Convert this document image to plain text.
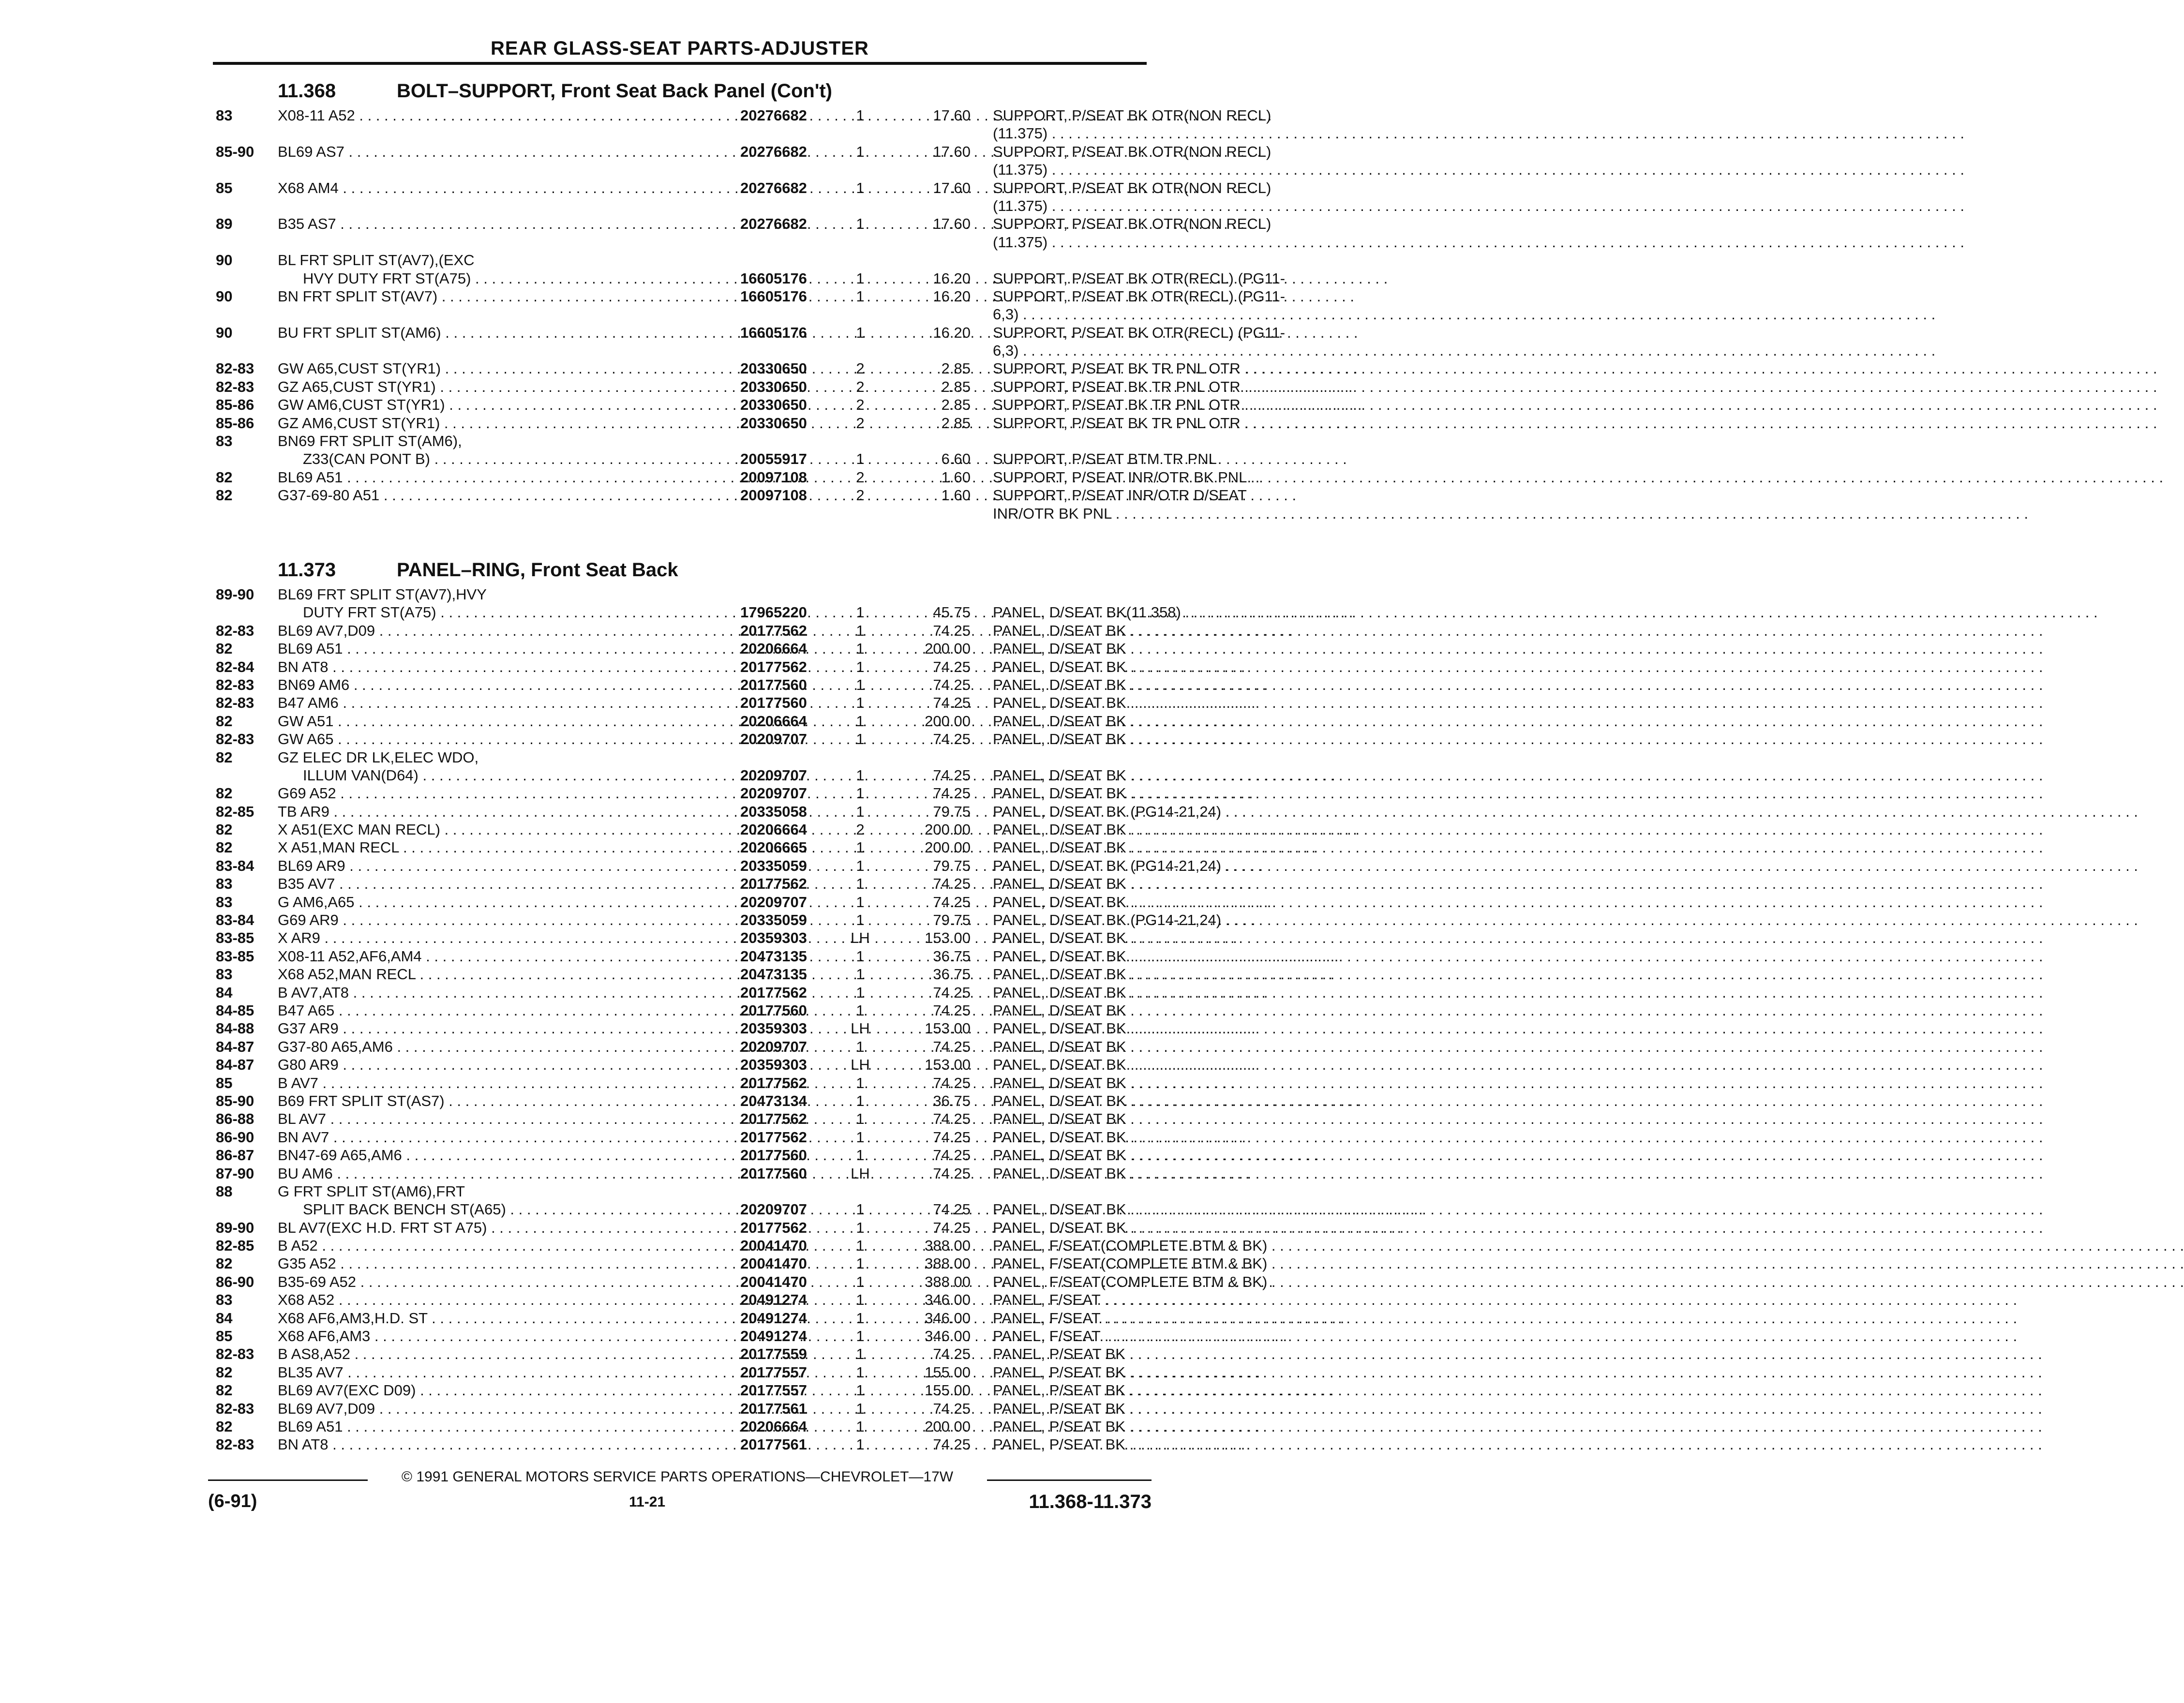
REAR GLASS-SEAT PARTS-ADJUSTER
11.368	BOLT–SUPPORT, Front Seat Back Panel (Con't)
83	X08-11 A52 . . .	20276682	1	17.60 SUPPORT, P/SEAT BK OTR(NON RECL)
(11.375) . . .
85-90	BL69 AS7 . . .	20276682	1	17.60 SUPPORT, P/SEAT BK OTR(NON RECL)
(11.375) . . .
85	X68 AM4 . . .	20276682	1	17.60 SUPPORT, P/SEAT BK OTR(NON RECL)
(11.375) . . .
89	B35 AS7 . . .	20276682	1	17.60 SUPPORT, P/SEAT BK OTR(NON RECL)
(11.375) . . .
90	BL FRT SPLIT ST(AV7),(EXC
HVY DUTY FRT ST(A75) . . .	16605176	1	16.20 SUPPORT, P/SEAT BK OTR(RECL) (PG11-
90	BN FRT SPLIT ST(AV7) . . .	16605176	1	16.20 SUPPORT, P/SEAT BK OTR(RECL) (PG11-
6,3) . . .
90	BU FRT SPLIT ST(AM6) . . .	16605176	1	16.20 SUPPORT, P/SEAT BK OTR(RECL) (PG11-
6,3) . . .
82-83	GW A65,CUST ST(YR1) . . .	20330650	2	2.85 SUPPORT, P/SEAT BK TR PNL OTR . . .
82-83	GZ A65,CUST ST(YR1) . . .	20330650	2	2.85 SUPPORT, P/SEAT BK TR PNL OTR . . .
85-86	GW AM6,CUST ST(YR1) . . .	20330650	2	2.85 SUPPORT, P/SEAT BK TR PNL OTR . . .
85-86	GZ AM6,CUST ST(YR1) . . .	20330650	2	2.85 SUPPORT, P/SEAT BK TR PNL OTR . . .
83	BN69 FRT SPLIT ST(AM6),
Z33(CAN PONT B) . . .	20055917	1	6.60 SUPPORT, P/SEAT BTM TR PNL
82	BL69 A51 . . .	20097108	2	1.60 SUPPORT, P/SEAT INR/OTR BK PNL . . .
82	G37-69-80 A51 . . .	20097108	2	1.60 SUPPORT, P/SEAT INR/OTR D/SEAT
INR/OTR BK PNL . . .
11.373	PANEL–RING, Front Seat Back
89-90	BL69 FRT SPLIT ST(AV7),HVY
DUTY FRT ST(A75) . . .	17965220	1	45.75 PANEL, D/SEAT BK(11.358) . . .
82-83	BL69 AV7,D09 . . .	20177562	1	74.25 PANEL, D/SEAT BK . . .
82	BL69 A51 . . .	20206664	1	200.00 PANEL, D/SEAT BK . . .
82-84	BN AT8 . . .	20177562	1	74.25 PANEL, D/SEAT BK . . .
82-83	BN69 AM6 . . .	20177560	1	74.25 PANEL, D/SEAT BK . . .
82-83	B47 AM6 . . .	20177560	1	74.25 PANEL, D/SEAT BK . . .
82	GW A51 . . .	20206664	1	200.00 PANEL, D/SEAT BK . . .
82-83	GW A65 . . .	20209707	1	74.25 PANEL, D/SEAT BK . . .
82	GZ ELEC DR LK,ELEC WDO,
ILLUM VAN(D64) . . .	20209707	1	74.25 PANEL, D/SEAT BK . . .
82	G69 A52 . . .	20209707	1	74.25 PANEL, D/SEAT BK . . .
82-85	TB AR9 . . .	20335058	1	79.75 PANEL, D/SEAT BK (PG14-21,24) . . .
82	X A51(EXC MAN RECL) . . .	20206664	2	200.00 PANEL, D/SEAT BK . . .
82	X A51,MAN RECL . . .	20206665	1	200.00 PANEL, D/SEAT BK . . .
83-84	BL69 AR9 . . .	20335059	1	79.75 PANEL, D/SEAT BK (PG14-21,24) . . .
83	B35 AV7 . . .	20177562	1	74.25 PANEL, D/SEAT BK . . .
83	G AM6,A65 . . .	20209707	1	74.25 PANEL, D/SEAT BK . . .
83-84	G69 AR9 . . .	20335059	1	79.75 PANEL, D/SEAT BK (PG14-21,24) . . .
83-85	X AR9 . . .	20359303	LH	153.00 PANEL, D/SEAT BK . . .
83-85	X08-11 A52,AF6,AM4 . . .	20473135	1	36.75 PANEL, D/SEAT BK . . .
83	X68 A52,MAN RECL . . .	20473135	1	36.75 PANEL, D/SEAT BK . . .
84	B AV7,AT8 . . .	20177562	1	74.25 PANEL, D/SEAT BK . . .
84-85	B47 A65 . . .	20177560	1	74.25 PANEL, D/SEAT BK . . .
84-88	G37 AR9 . . .	20359303	LH	153.00 PANEL, D/SEAT BK . . .
84-87	G37-80 A65,AM6 . . .	20209707	1	74.25 PANEL, D/SEAT BK . . .
84-87	G80 AR9 . . .	20359303	LH	153.00 PANEL, D/SEAT BK . . .
85	B AV7 . . .	20177562	1	74.25 PANEL, D/SEAT BK . . .
85-90	B69 FRT SPLIT ST(AS7) . . .	20473134	1	36.75 PANEL, D/SEAT BK . . .
86-88	BL AV7 . . .	20177562	1	74.25 PANEL, D/SEAT BK . . .
86-90	BN AV7 . . .	20177562	1	74.25 PANEL, D/SEAT BK . . .
86-87	BN47-69 A65,AM6 . . .	20177560	1	74.25 PANEL, D/SEAT BK . . .
87-90	BU AM6 . . .	20177560	LH	74.25 PANEL, D/SEAT BK . . .
88	G FRT SPLIT ST(AM6),FRT
SPLIT BACK BENCH ST(A65) . . .	20209707	1	74.25 PANEL, D/SEAT BK . . .
89-90	BL AV7(EXC H.D. FRT ST A75) . . .	20177562	1	74.25 PANEL, D/SEAT BK . . .
82-85	B A52 . . .	20041470	1	388.00 PANEL, F/SEAT(COMPLETE BTM & BK) . . .
82	G35 A52 . . .	20041470	1	388.00 PANEL, F/SEAT(COMPLETE BTM & BK) . . .
86-90	B35-69 A52 . . .	20041470	1	388.00 PANEL, F/SEAT(COMPLETE BTM & BK) . . .
83	X68 A52 . . .	20491274	1	346.00 PANEL, F/SEAT . . .
84	X68 AF6,AM3,H.D. ST . . .	20491274	1	346.00 PANEL, F/SEAT . . .
85	X68 AF6,AM3 . . .	20491274	1	346.00 PANEL, F/SEAT . . .
82-83	B AS8,A52 . . .	20177559	1	74.25 PANEL, P/SEAT BK . . .
82	BL35 AV7 . . .	20177557	1	155.00 PANEL, P/SEAT BK . . .
82	BL69 AV7(EXC D09) . . .	20177557	1	155.00 PANEL, P/SEAT BK . . .
82-83	BL69 AV7,D09 . . .	20177561	1	74.25 PANEL, P/SEAT BK . . .
82	BL69 A51 . . .	20206664	1	200.00 PANEL, P/SEAT BK . . .
82-83	BN AT8 . . .	20177561	1	74.25 PANEL, P/SEAT BK . . .
© 1991 GENERAL MOTORS SERVICE PARTS OPERATIONS—CHEVROLET—17W
(6-91)	11-21	11.368-11.373
